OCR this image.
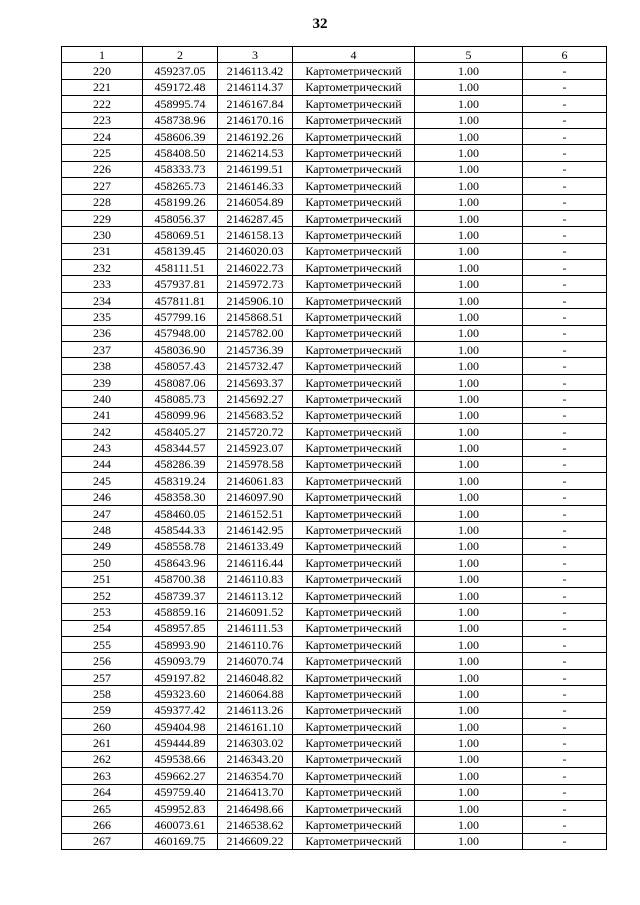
32
1	2	3	4	5	6
220	459237.05	2146113.42	Картометрический	1.00	-
221	459172.48	2146114.37	Картометрический	1.00	-
222	458995.74	2146167.84	Картометрический	1.00	-
223	458738.96	2146170.16	Картометрический	1.00	-
224	458606.39	2146192.26	Картометрический	1.00	-
225	458408.50	2146214.53	Картометрический	1.00	-
226	458333.73	2146199.51	Картометрический	1.00	-
227	458265.73	2146146.33	Картометрический	1.00	-
228	458199.26	2146054.89	Картометрический	1.00	-
229	458056.37	2146287.45	Картометрический	1.00	-
230	458069.51	2146158.13	Картометрический	1.00	-
231	458139.45	2146020.03	Картометрический	1.00	-
232	458111.51	2146022.73	Картометрический	1.00	-
233	457937.81	2145972.73	Картометрический	1.00	-
234	457811.81	2145906.10	Картометрический	1.00	-
235	457799.16	2145868.51	Картометрический	1.00	-
236	457948.00	2145782.00	Картометрический	1.00	-
237	458036.90	2145736.39	Картометрический	1.00	-
238	458057.43	2145732.47	Картометрический	1.00	-
239	458087.06	2145693.37	Картометрический	1.00	-
240	458085.73	2145692.27	Картометрический	1.00	-
241	458099.96	2145683.52	Картометрический	1.00	-
242	458405.27	2145720.72	Картометрический	1.00	-
243	458344.57	2145923.07	Картометрический	1.00	-
244	458286.39	2145978.58	Картометрический	1.00	-
245	458319.24	2146061.83	Картометрический	1.00	-
246	458358.30	2146097.90	Картометрический	1.00	-
247	458460.05	2146152.51	Картометрический	1.00	-
248	458544.33	2146142.95	Картометрический	1.00	-
249	458558.78	2146133.49	Картометрический	1.00	-
250	458643.96	2146116.44	Картометрический	1.00	-
251	458700.38	2146110.83	Картометрический	1.00	-
252	458739.37	2146113.12	Картометрический	1.00	-
253	458859.16	2146091.52	Картометрический	1.00	-
254	458957.85	2146111.53	Картометрический	1.00	-
255	458993.90	2146110.76	Картометрический	1.00	-
256	459093.79	2146070.74	Картометрический	1.00	-
257	459197.82	2146048.82	Картометрический	1.00	-
258	459323.60	2146064.88	Картометрический	1.00	-
259	459377.42	2146113.26	Картометрический	1.00	-
260	459404.98	2146161.10	Картометрический	1.00	-
261	459444.89	2146303.02	Картометрический	1.00	-
262	459538.66	2146343.20	Картометрический	1.00	-
263	459662.27	2146354.70	Картометрический	1.00	-
264	459759.40	2146413.70	Картометрический	1.00	-
265	459952.83	2146498.66	Картометрический	1.00	-
266	460073.61	2146538.62	Картометрический	1.00	-
267	460169.75	2146609.22	Картометрический	1.00	-
